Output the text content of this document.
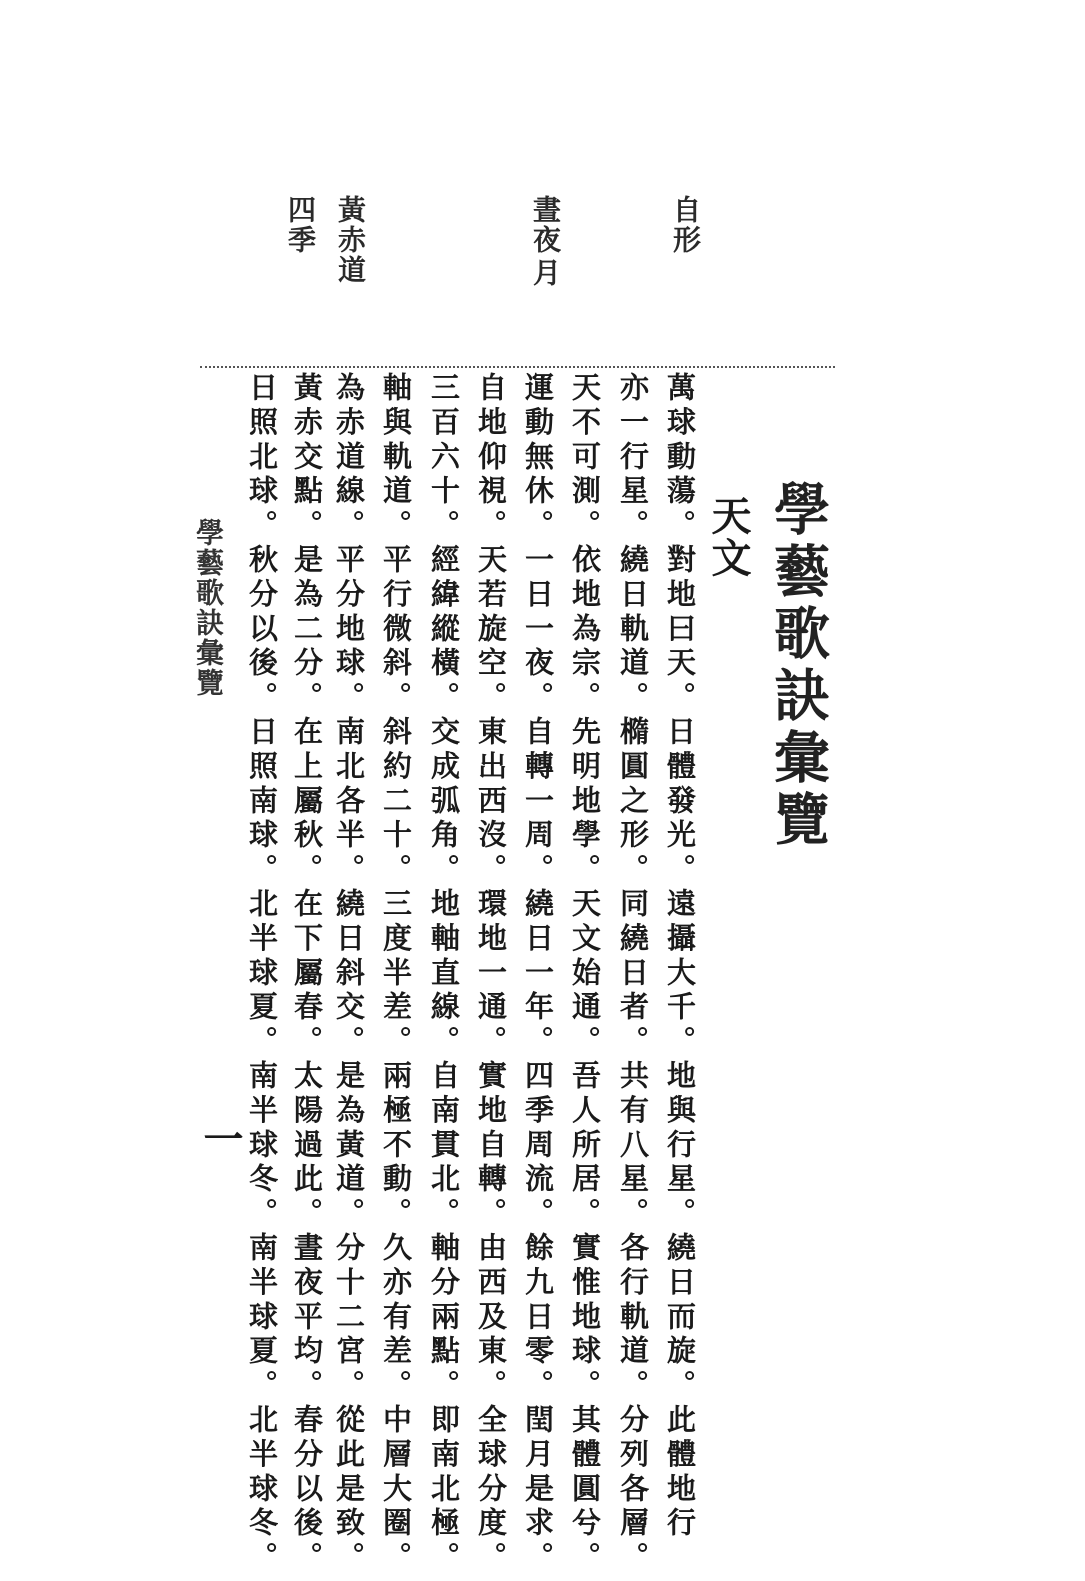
學藝歌訣彙覽
天文
自形
晝夜
月
黃赤道
四季
萬球動蕩。對地曰天。日體發光。遠攝大千。地與行星。繞日而旋。此體地行
亦一行星。繞日軌道。橢圓之形。同繞日者。共有八星。各行軌道。分列各層。
天不可測。依地為宗。先明地學。天文始通。吾人所居。實惟地球。其體圓兮。
運動無休。一日一夜。自轉一周。繞日一年。四季周流。餘九日零。閏月是求。
自地仰視。天若旋空。東出西沒。環地一通。實地自轉。由西及東。全球分度。
三百六十。經緯縱橫。交成弧角。地軸直線。自南貫北。軸分兩點。即南北極。
軸與軌道。平行微斜。斜約二十。三度半差。兩極不動。久亦有差。中層大圈。
為赤道線。平分地球。南北各半。繞日斜交。是為黃道。分十二宮。從此是致。
黃赤交點。是為二分。在上屬秋。在下屬春。太陽過此。晝夜平均。春分以後。
日照北球。秋分以後。日照南球。北半球夏。南半球冬。南半球夏。北半球冬。
學藝歌訣彙覽
一
